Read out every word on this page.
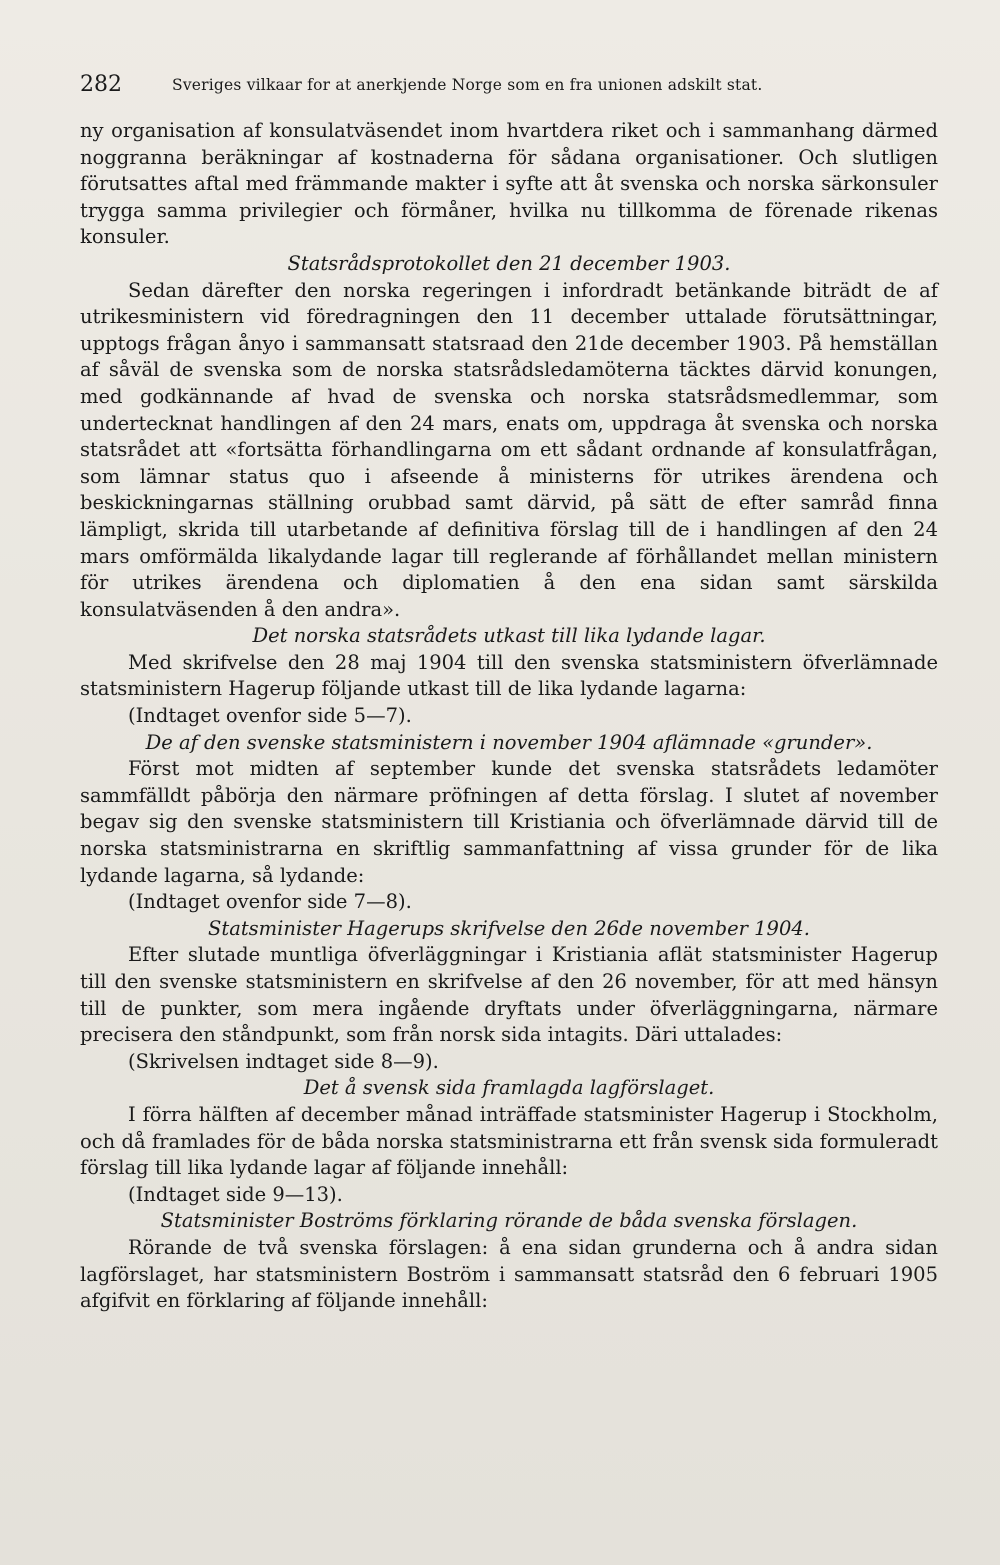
282	Sveriges vilkaar for at anerkjende Norge som en fra unionen adskilt stat.

ny organisation af konsulatväsendet inom hvartdera riket och i sammanhang därmed noggranna beräkningar af kostnaderna för sådana organisationer. Och slutligen förutsattes aftal med främmande makter i syfte att åt svenska och norska särkonsuler trygga samma privilegier och förmåner, hvilka nu tillkomma de förenade rikenas konsuler.

Statsrådsprotokollet den 21 december 1903.

Sedan därefter den norska regeringen i infordradt betänkande biträdt de af utrikesministern vid föredragningen den 11 december uttalade förutsättningar, upptogs frågan ånyo i sammansatt statsraad den 21de december 1903. På hemställan af såväl de svenska som de norska statsrådsledamöterna täcktes därvid konungen, med godkännande af hvad de svenska och norska statsrådsmedlemmar, som undertecknat handlingen af den 24 mars, enats om, uppdraga åt svenska och norska statsrådet att «fortsätta förhandlingarna om ett sådant ordnande af konsulatfrågan, som lämnar status quo i afseende å ministerns för utrikes ärendena och beskickningarnas ställning orubbad samt därvid, på sätt de efter samråd finna lämpligt, skrida till utarbetande af definitiva förslag till de i handlingen af den 24 mars omförmälda likalydande lagar till reglerande af förhållandet mellan ministern för utrikes ärendena och diplomatien å den ena sidan samt särskilda konsulatväsenden å den andra».

Det norska statsrådets utkast till lika lydande lagar.

Med skrifvelse den 28 maj 1904 till den svenska statsministern öfverlämnade statsministern Hagerup följande utkast till de lika lydande lagarna:

(Indtaget ovenfor side 5—7).

De af den svenske statsministern i november 1904 aflämnade «grunder».

Först mot midten af september kunde det svenska statsrådets ledamöter sammfälldt påbörja den närmare pröfningen af detta förslag. I slutet af november begav sig den svenske statsministern till Kristiania och öfverlämnade därvid till de norska statsministrarna en skriftlig sammanfattning af vissa grunder för de lika lydande lagarna, så lydande:

(Indtaget ovenfor side 7—8).

Statsminister Hagerups skrifvelse den 26de november 1904.

Efter slutade muntliga öfverläggningar i Kristiania aflät statsminister Hagerup till den svenske statsministern en skrifvelse af den 26 november, för att med hänsyn till de punkter, som mera ingående dryftats under öfverläggningarna, närmare precisera den ståndpunkt, som från norsk sida intagits. Däri uttalades:

(Skrivelsen indtaget side 8—9).

Det å svensk sida framlagda lagförslaget.

I förra hälften af december månad inträffade statsminister Hagerup i Stockholm, och då framlades för de båda norska statsministrarna ett från svensk sida formuleradt förslag till lika lydande lagar af följande innehåll:

(Indtaget side 9—13).

Statsminister Boströms förklaring rörande de båda svenska förslagen.

Rörande de två svenska förslagen: å ena sidan grunderna och å andra sidan lagförslaget, har statsministern Boström i sammansatt statsråd den 6 februari 1905 afgifvit en förklaring af följande innehåll:
